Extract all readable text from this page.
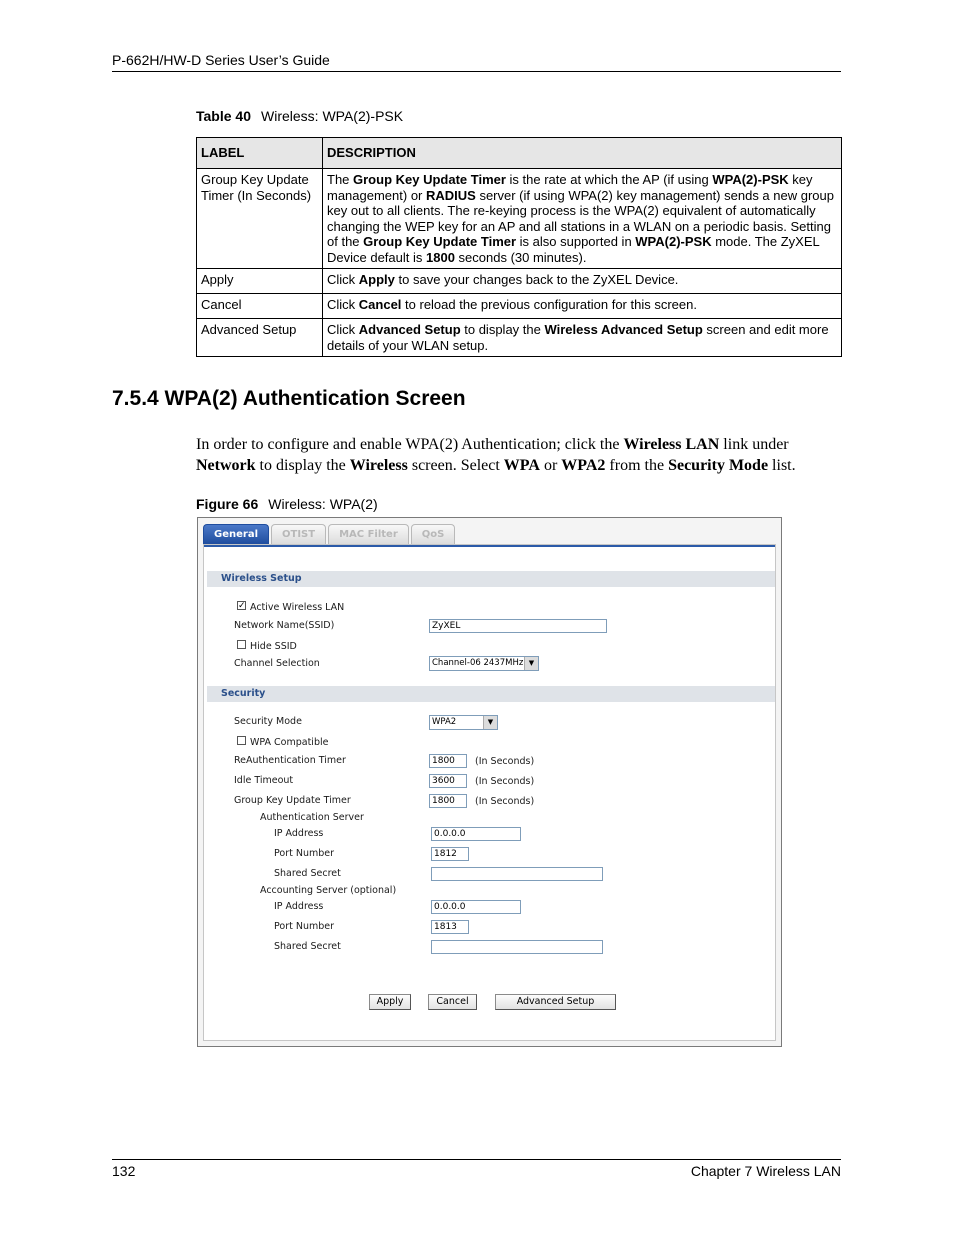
P-662H/HW-D Series User’s Guide
Table 40 Wireless: WPA(2)-PSK
LABEL	DESCRIPTION
Group Key Update Timer (In Seconds)	The Group Key Update Timer is the rate at which the AP (if using WPA(2)-PSK key management) or RADIUS server (if using WPA(2) key management) sends a new group key out to all clients. The re-keying process is the WPA(2) equivalent of automatically changing the WEP key for an AP and all stations in a WLAN on a periodic basis. Setting of the Group Key Update Timer is also supported in WPA(2)-PSK mode. The ZyXEL Device default is 1800 seconds (30 minutes).
Apply	Click Apply to save your changes back to the ZyXEL Device.
Cancel	Click Cancel to reload the previous configuration for this screen.
Advanced Setup	Click Advanced Setup to display the Wireless Advanced Setup screen and edit more details of your WLAN setup.
7.5.4 WPA(2) Authentication Screen
In order to configure and enable WPA(2) Authentication; click the Wireless LAN link under Network to display the Wireless screen. Select WPA or WPA2 from the Security Mode list.
Figure 66 Wireless: WPA(2)
General	OTIST	MAC Filter	QoS
Wireless Setup
✓ Active Wireless LAN
Network Name(SSID)	ZyXEL
Hide SSID
Channel Selection	Channel-06 2437MHz ▼
Security
Security Mode	WPA2	▼
WPA Compatible
ReAuthentication Timer	1800	(In Seconds)
Idle Timeout	3600	(In Seconds)
Group Key Update Timer	1800	(In Seconds)
Authentication Server
IP Address	0.0.0.0
Port Number	1812
Shared Secret
Accounting Server (optional)
IP Address	0.0.0.0
Port Number	1813
Shared Secret
Apply	Cancel	Advanced Setup
132	Chapter 7 Wireless LAN
